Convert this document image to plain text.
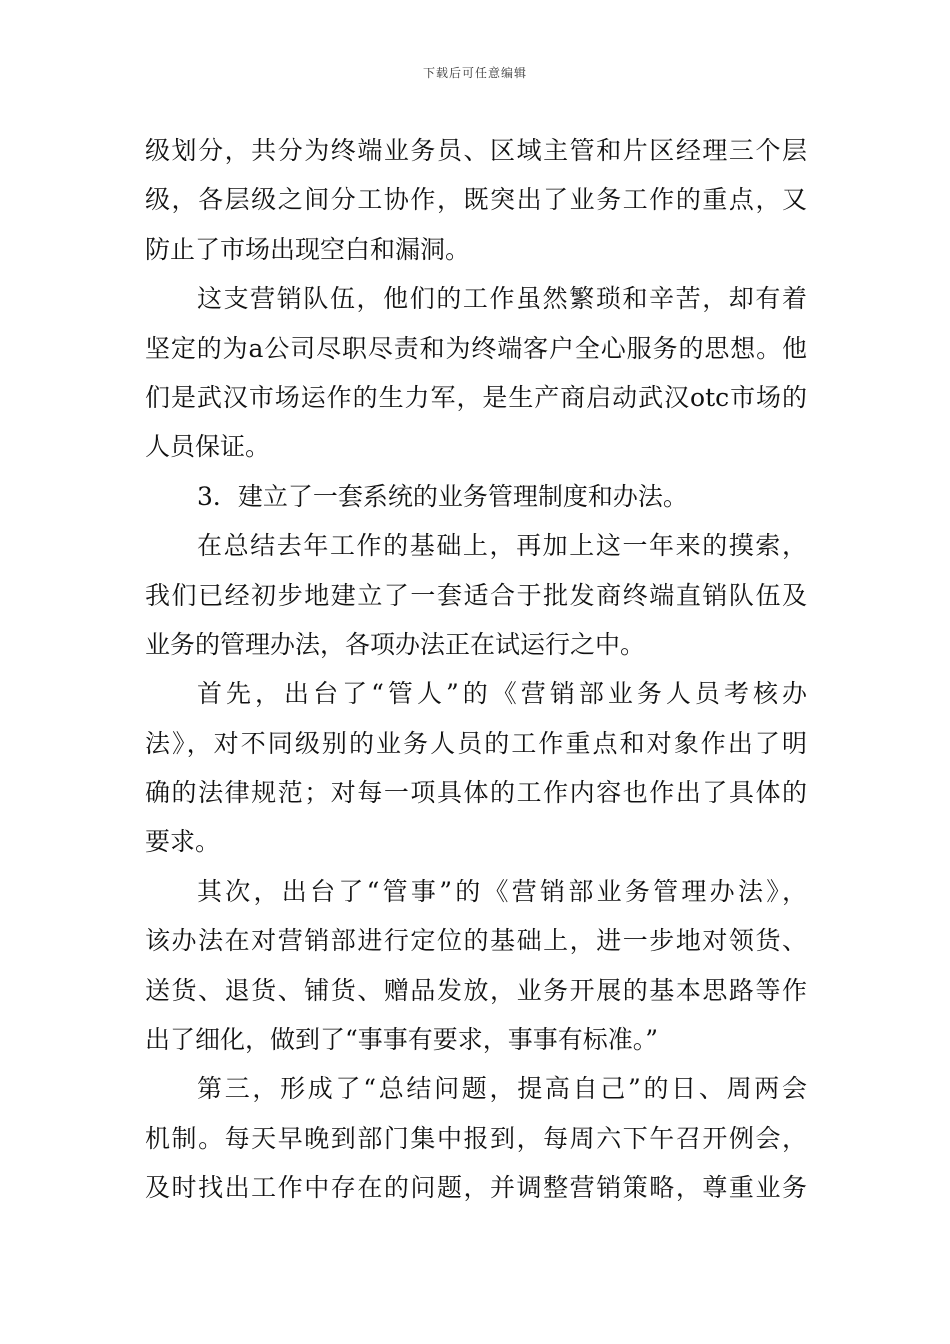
下载后可任意编辑
级划分，共分为终端业务员、区域主管和片区经理三个层
级，各层级之间分工协作，既突出了业务工作的重点，又
防止了市场出现空白和漏洞。
这支营销队伍，他们的工作虽然繁琐和辛苦，却有着
坚定的为a公司尽职尽责和为终端客户全心服务的思想。他
们是武汉市场运作的生力军，是生产商启动武汉otc市场的
人员保证。
3．建立了一套系统的业务管理制度和办法。
在总结去年工作的基础上，再加上这一年来的摸索，
我们已经初步地建立了一套适合于批发商终端直销队伍及
业务的管理办法，各项办法正在试运行之中。
首先，出台了“管人”的《营销部业务人员考核办
法》，对不同级别的业务人员的工作重点和对象作出了明
确的法律规范；对每一项具体的工作内容也作出了具体的
要求。
其次，出台了“管事”的《营销部业务管理办法》，
该办法在对营销部进行定位的基础上，进一步地对领货、
送货、退货、铺货、赠品发放，业务开展的基本思路等作
出了细化，做到了“事事有要求，事事有标准。”
第三，形成了“总结问题，提高自己”的日、周两会
机制。每天早晚到部门集中报到，每周六下午召开例会，
及时找出工作中存在的问题，并调整营销策略，尊重业务
